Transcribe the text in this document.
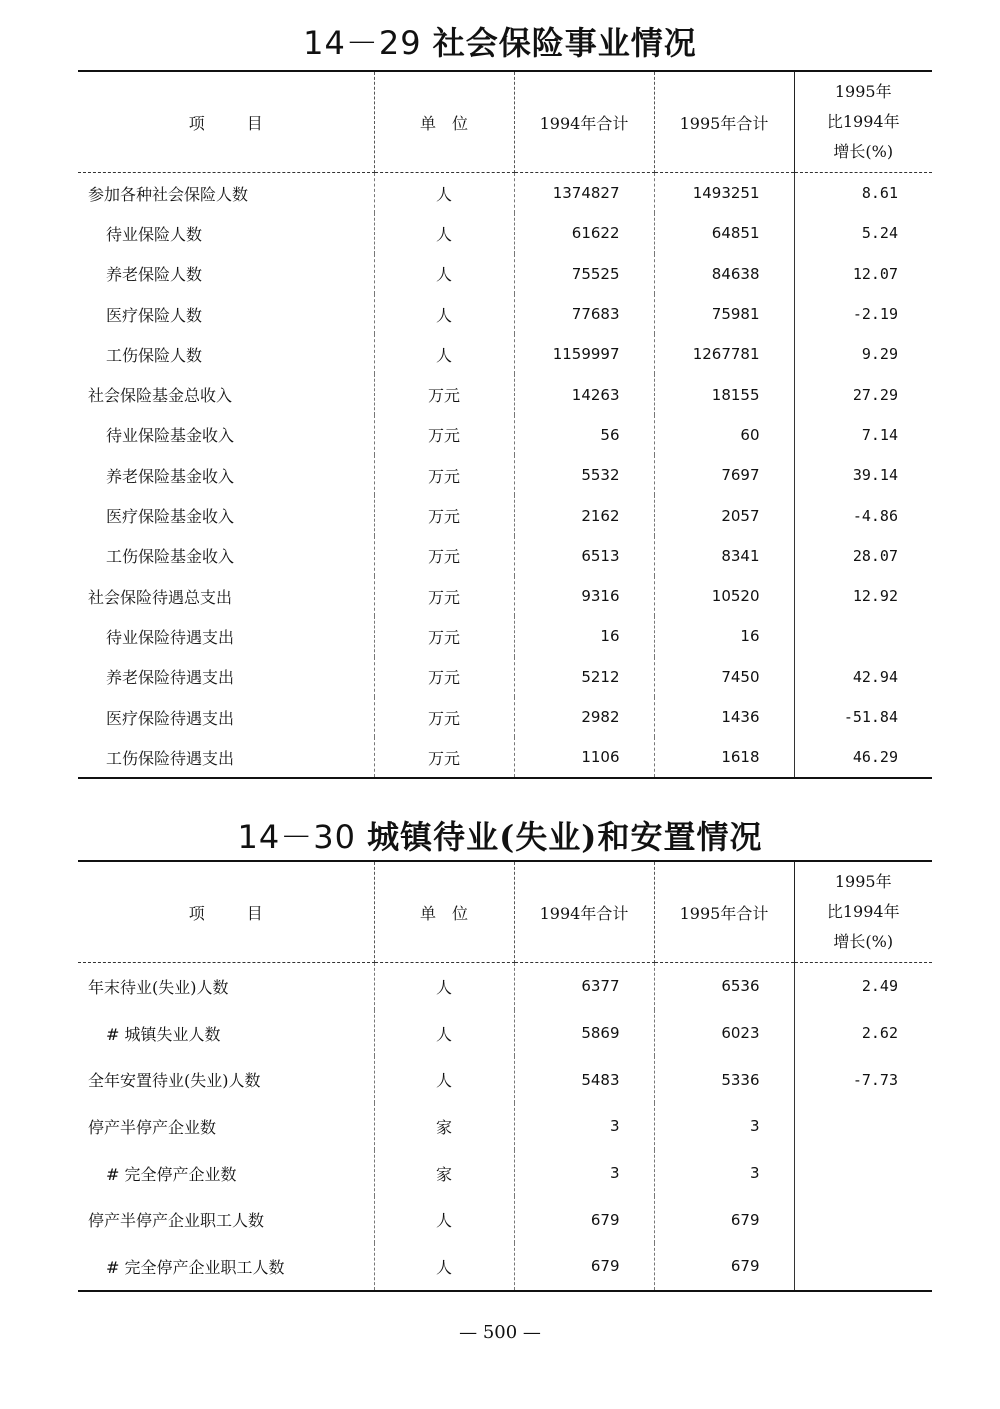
14－29 社会保险事业情况
项目	单位	1994年合计	1995年合计	1995年
比1994年
增长(%)

参加各种社会保险人数	人	1374827	1493251	8.61
待业保险人数	人	61622	64851	5.24
养老保险人数	人	75525	84638	12.07
医疗保险人数	人	77683	75981	-2.19
工伤保险人数	人	1159997	1267781	9.29
社会保险基金总收入	万元	14263	18155	27.29
待业保险基金收入	万元	56	60	7.14
养老保险基金收入	万元	5532	7697	39.14
医疗保险基金收入	万元	2162	2057	-4.86
工伤保险基金收入	万元	6513	8341	28.07
社会保险待遇总支出	万元	9316	10520	12.92
待业保险待遇支出	万元	16	16	
养老保险待遇支出	万元	5212	7450	42.94
医疗保险待遇支出	万元	2982	1436	-51.84
工伤保险待遇支出	万元	1106	1618	46.29
14－30 城镇待业(失业)和安置情况
项目	单位	1994年合计	1995年合计	1995年
比1994年
增长(%)

年末待业(失业)人数	人	6377	6536	2.49
# 城镇失业人数	人	5869	6023	2.62
全年安置待业(失业)人数	人	5483	5336	-7.73
停产半停产企业数	家	3	3	
# 完全停产企业数	家	3	3	
停产半停产企业职工人数	人	679	679	
# 完全停产企业职工人数	人	679	679	
— 500 —
